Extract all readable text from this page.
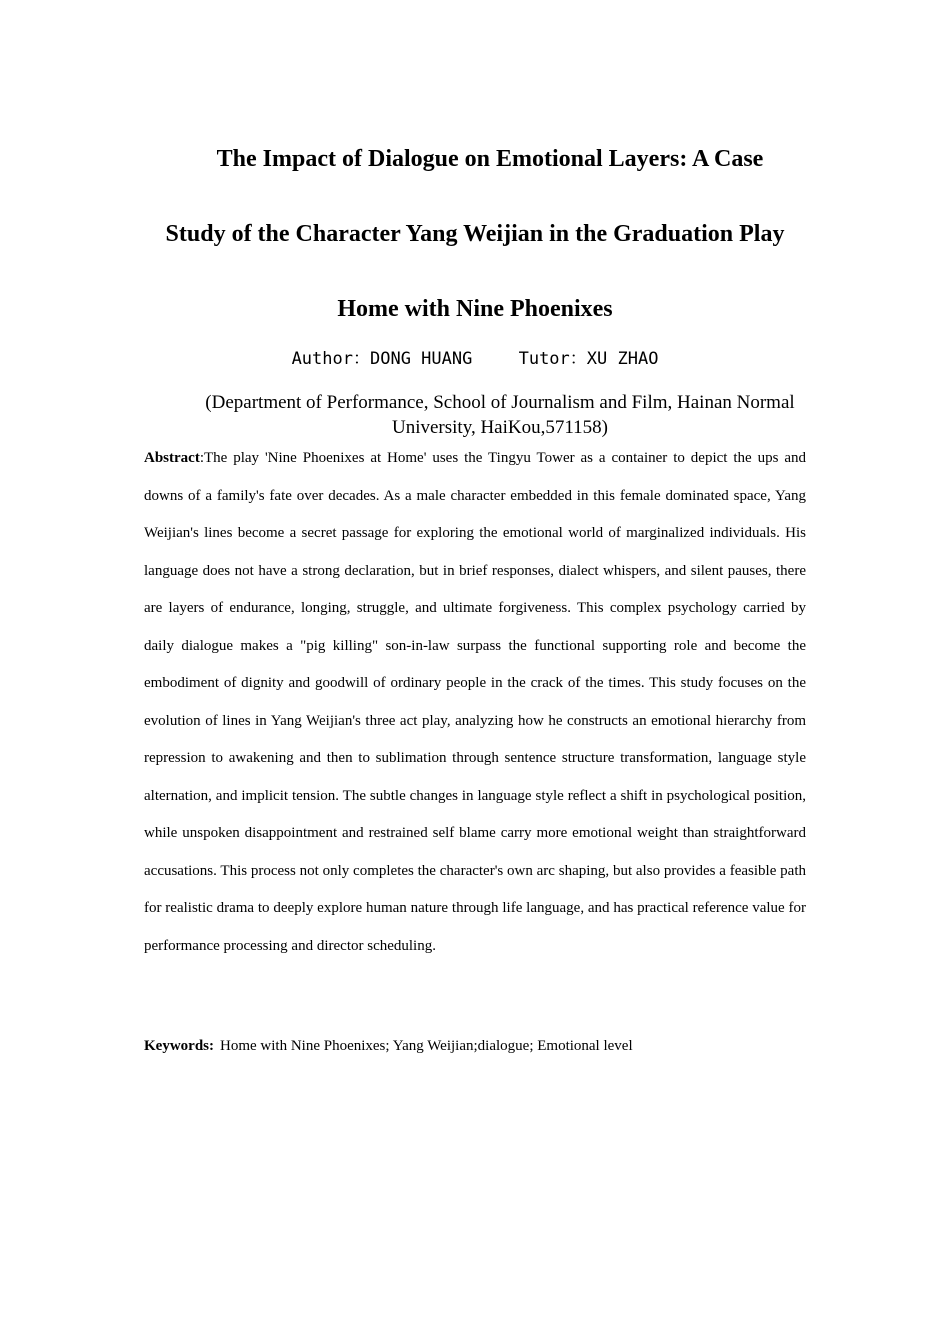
The Impact of Dialogue on Emotional Layers: A Case
Study of the Character Yang Weijian in the Graduation Play
Home with Nine Phoenixes
Author：DONG HUANG	Tutor：XU ZHAO
(Department of Performance, School of Journalism and Film, Hainan Normal University, HaiKou,571158)

Abstract:The play 'Nine Phoenixes at Home' uses the Tingyu Tower as a container to depict the ups and downs of a family's fate over decades. As a male character embedded in this female dominated space, Yang Weijian's lines become a secret passage for exploring the emotional world of marginalized individuals. His language does not have a strong declaration, but in brief responses, dialect whispers, and silent pauses, there are layers of endurance, longing, struggle, and ultimate forgiveness. This complex psychology carried by daily dialogue makes a "pig killing" son-in-law surpass the functional supporting role and become the embodiment of dignity and goodwill of ordinary people in the crack of the times. This study focuses on the evolution of lines in Yang Weijian's three act play, analyzing how he constructs an emotional hierarchy from repression to awakening and then to sublimation through sentence structure transformation, language style alternation, and implicit tension. The subtle changes in language style reflect a shift in psychological position, while unspoken disappointment and restrained self blame carry more emotional weight than straightforward accusations. This process not only completes the character's own arc shaping, but also provides a feasible path for realistic drama to deeply explore human nature through life language, and has practical reference value for performance processing and director scheduling.

Keywords: Home with Nine Phoenixes; Yang Weijian;dialogue; Emotional level
